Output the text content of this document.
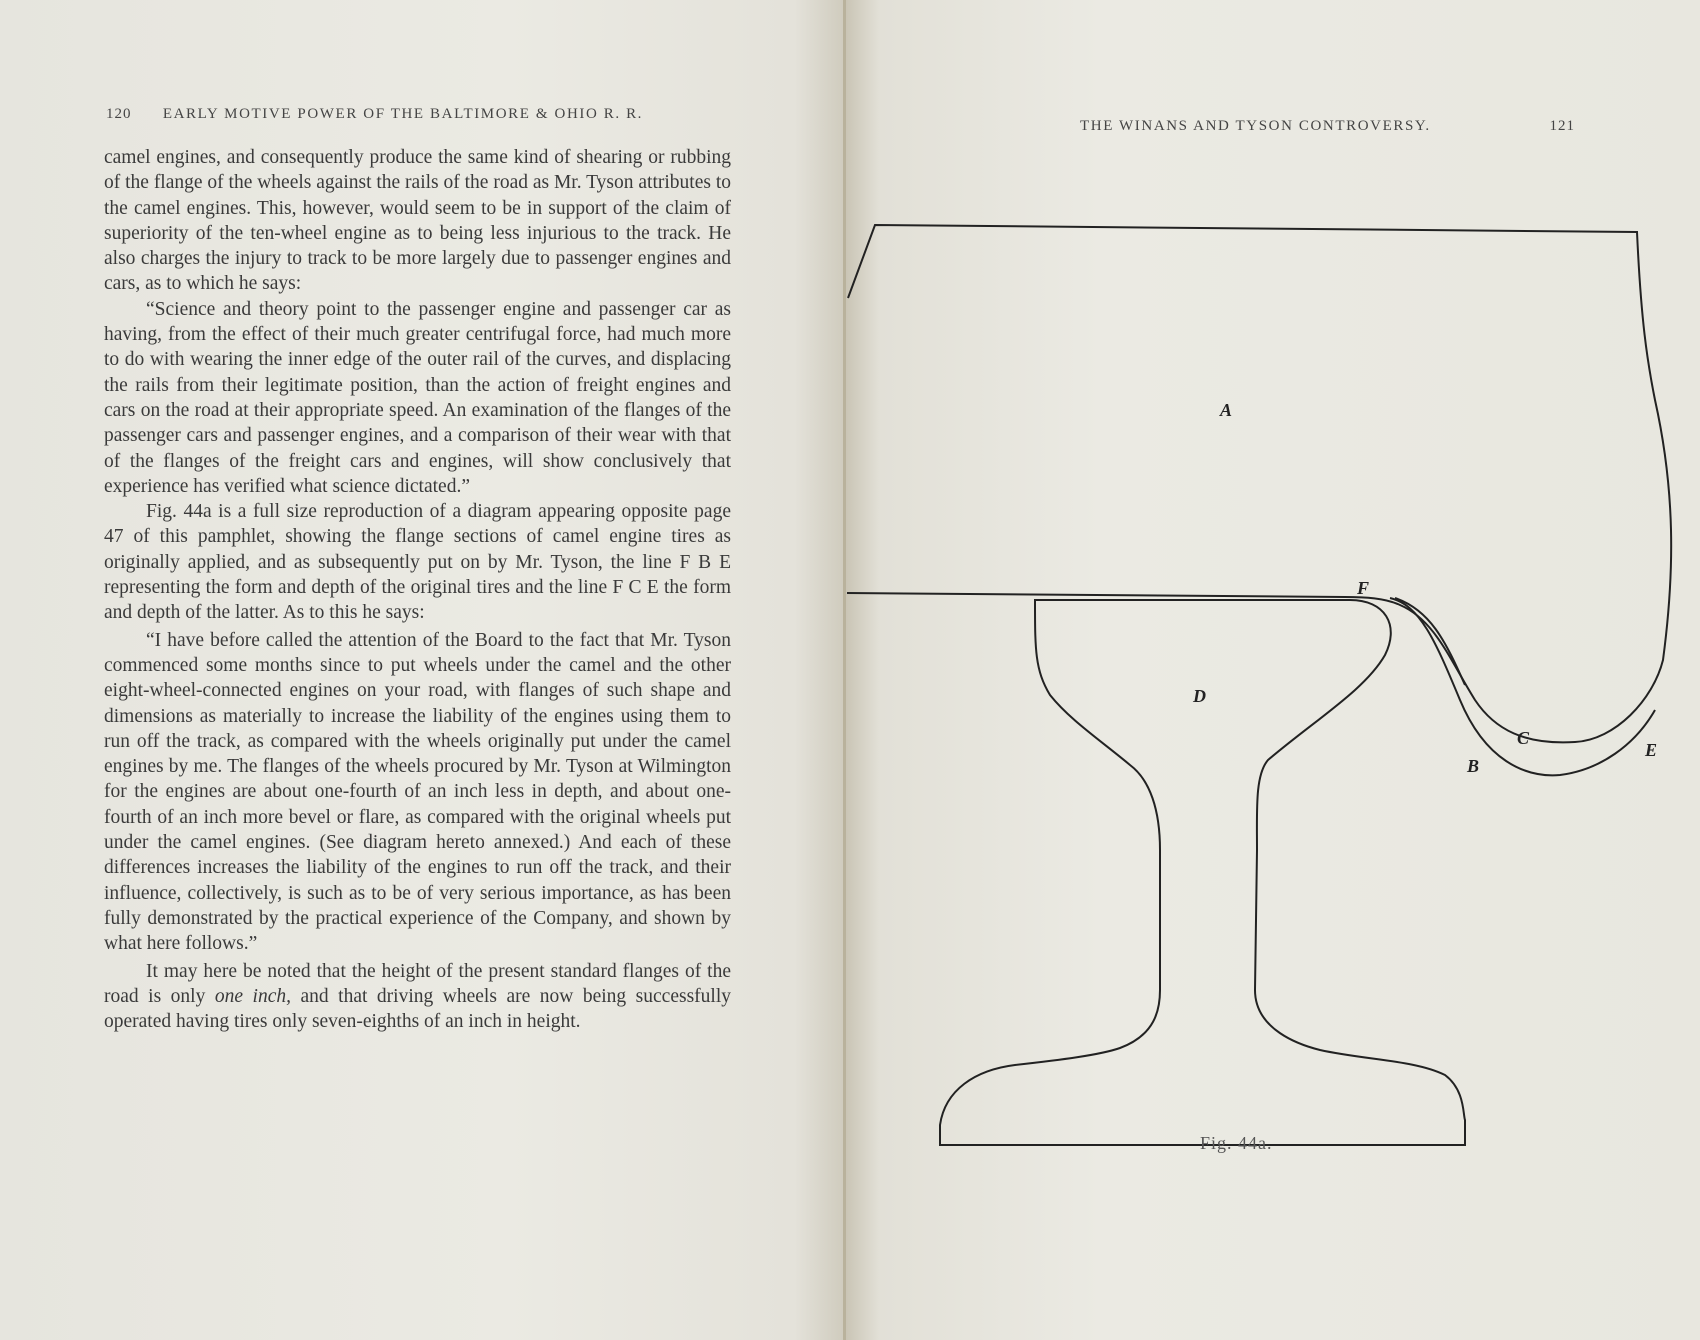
120 EARLY MOTIVE POWER OF THE BALTIMORE & OHIO R. R.
THE WINANS AND TYSON CONTROVERSY.	121

camel engines, and consequently produce the same kind of shearing or rubbing of the flange of the wheels against the rails of the road as Mr. Tyson attributes to the camel engines. This, however, would seem to be in support of the claim of superiority of the ten-wheel engine as to being less injurious to the track. He also charges the injury to track to be more largely due to passenger engines and cars, as to which he says:

“Science and theory point to the passenger engine and passenger car as having, from the effect of their much greater centrifugal force, had much more to do with wearing the inner edge of the outer rail of the curves, and displacing the rails from their legitimate position, than the action of freight engines and cars on the road at their appropriate speed. An examination of the flanges of the passenger cars and passenger engines, and a comparison of their wear with that of the flanges of the freight cars and engines, will show conclusively that experience has verified what science dictated.”

Fig. 44a is a full size reproduction of a diagram appearing opposite page 47 of this pamphlet, showing the flange sections of camel engine tires as originally applied, and as subsequently put on by Mr. Tyson, the line F B E representing the form and depth of the original tires and the line F C E the form and depth of the latter. As to this he says:

“I have before called the attention of the Board to the fact that Mr. Tyson commenced some months since to put wheels under the camel and the other eight-wheel-connected engines on your road, with flanges of such shape and dimensions as materially to increase the liability of the engines using them to run off the track, as compared with the wheels originally put under the camel engines by me. The flanges of the wheels procured by Mr. Tyson at Wilmington for the engines are about one-fourth of an inch less in depth, and about one-fourth of an inch more bevel or flare, as compared with the original wheels put under the camel engines. (See diagram hereto annexed.) And each of these differences increases the liability of the engines to run off the track, and their influence, collectively, is such as to be of very serious importance, as has been fully demonstrated by the practical experience of the Company, and shown by what here follows.”

It may here be noted that the height of the present standard flanges of the road is only one inch, and that driving wheels are now being successfully operated having tires only seven-eighths of an inch in height.

A
F
D
C
B
E
Fig. 44a.
